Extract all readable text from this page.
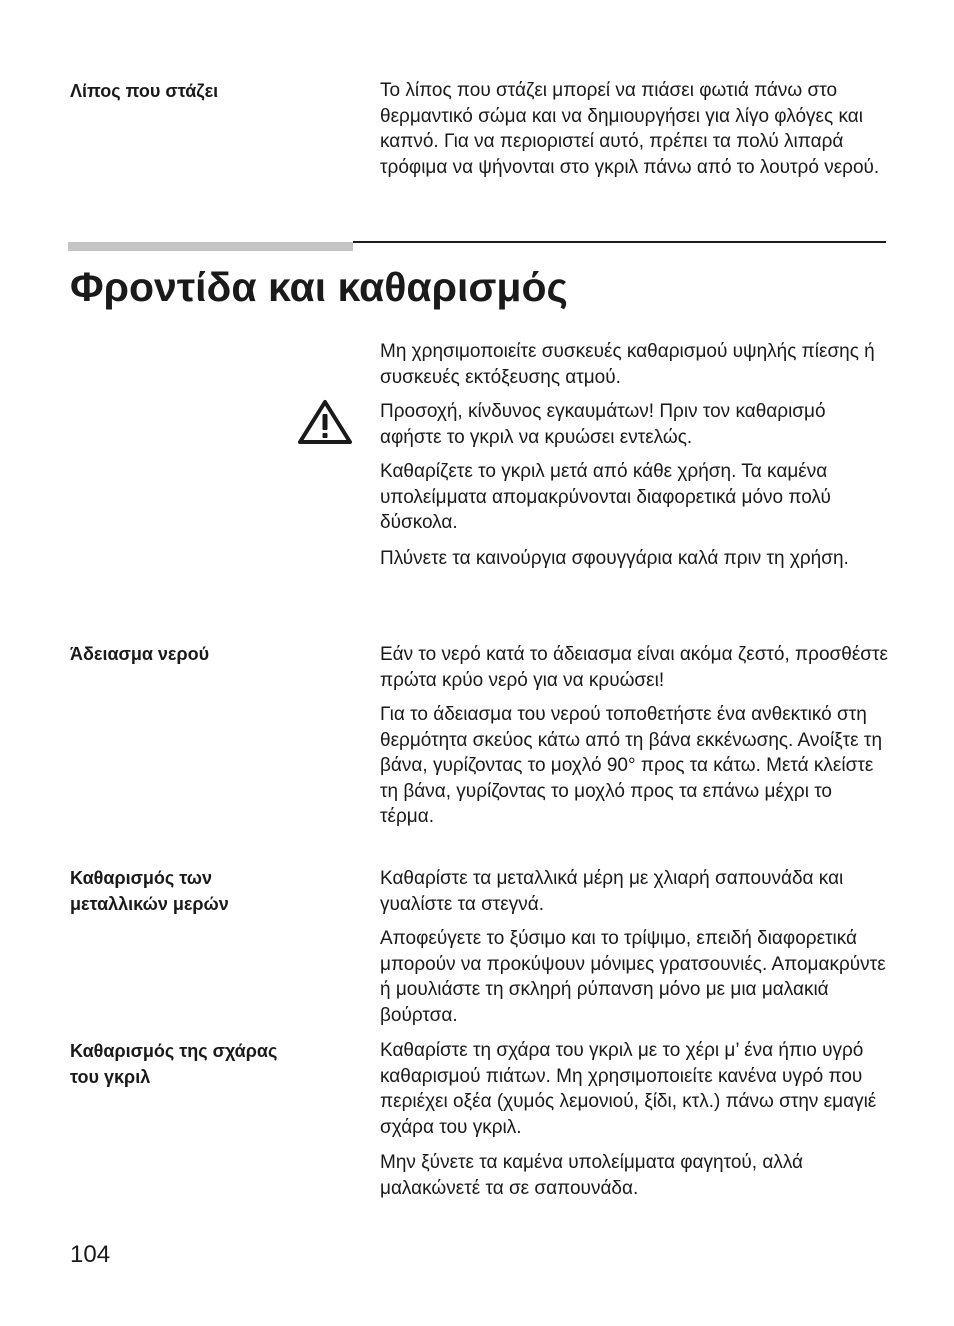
Λίπος που στάζει	Το λίπος που στάζει μπορεί να πιάσει φωτιά πάνω στο θερμαντικό σώμα και να δημιουργήσει για λίγο φλόγες και καπνό. Για να περιοριστεί αυτό, πρέπει τα πολύ λιπαρά τρόφιμα να ψήνονται στο γκριλ πάνω από το λουτρό νερού.

Φροντίδα και καθαρισμός

Μη χρησιμοποιείτε συσκευές καθαρισμού υψηλής πίεσης ή συσκευές εκτόξευσης ατμού.

Προσοχή, κίνδυνος εγκαυμάτων! Πριν τον καθαρισμό αφήστε το γκριλ να κρυώσει εντελώς.

Καθαρίζετε το γκριλ μετά από κάθε χρήση. Τα καμένα υπολείμματα απομακρύνονται διαφορετικά μόνο πολύ δύσκολα.

Πλύνετε τα καινούργια σφουγγάρια καλά πριν τη χρήση.

Άδειασμα νερού	Εάν το νερό κατά το άδειασμα είναι ακόμα ζεστό, προσθέστε πρώτα κρύο νερό για να κρυώσει!

Για το άδειασμα του νερού τοποθετήστε ένα ανθεκτικό στη θερμότητα σκεύος κάτω από τη βάνα εκκένωσης. Ανοίξτε τη βάνα, γυρίζοντας το μοχλό 90° προς τα κάτω. Μετά κλείστε τη βάνα, γυρίζοντας το μοχλό προς τα επάνω μέχρι το τέρμα.

Καθαρισμός των
μεταλλικών μερών

Καθαρίστε τα μεταλλικά μέρη με χλιαρή σαπουνάδα και γυαλίστε τα στεγνά.

Αποφεύγετε το ξύσιμο και το τρίψιμο, επειδή διαφορετικά μπορούν να προκύψουν μόνιμες γρατσουνιές. Απομακρύντε ή μουλιάστε τη σκληρή ρύπανση μόνο με μια μαλακιά βούρτσα.

Καθαρισμός της σχάρας
του γκριλ

Καθαρίστε τη σχάρα του γκριλ με το χέρι μ’ ένα ήπιο υγρό καθαρισμού πιάτων. Μη χρησιμοποιείτε κανένα υγρό που περιέχει οξέα (χυμός λεμονιού, ξίδι, κτλ.) πάνω στην εμαγιέ σχάρα του γκριλ.

Μην ξύνετε τα καμένα υπολείμματα φαγητού, αλλά μαλακώνετέ τα σε σαπουνάδα.

104
